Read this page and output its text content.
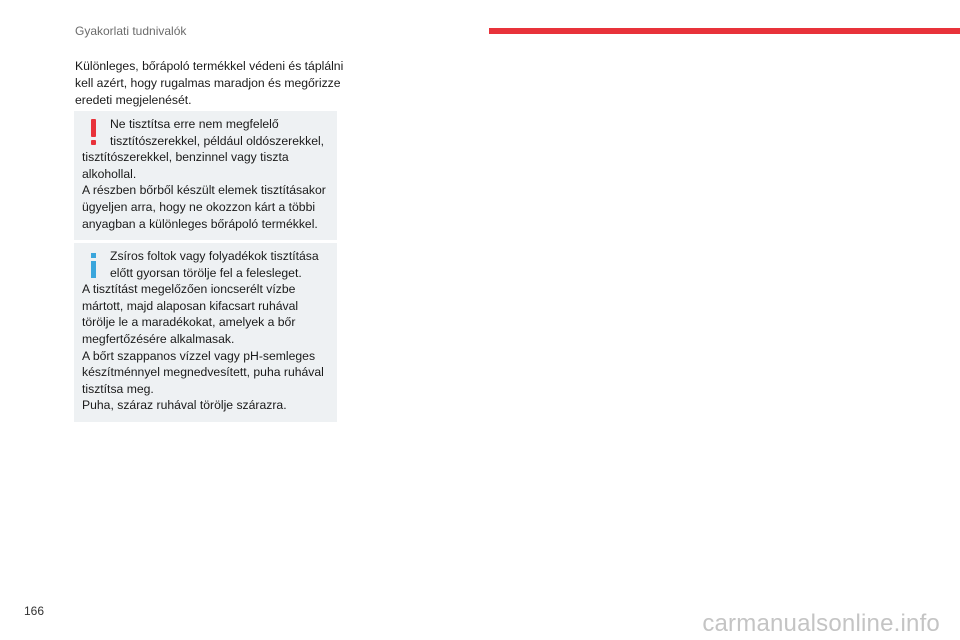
Gyakorlati tudnivalók
Különleges, bőrápoló termékkel védeni és táplálni kell azért, hogy rugalmas maradjon és megőrizze eredeti megjelenését.

Ne tisztítsa erre nem megfelelő tisztítószerekkel, például oldószerekkel, tisztítószerekkel, benzinnel vagy tiszta alkohollal.

A részben bőrből készült elemek tisztításakor ügyeljen arra, hogy ne okozzon kárt a többi anyagban a különleges bőrápoló termékkel.

Zsíros foltok vagy folyadékok tisztítása előtt gyorsan törölje fel a felesleget.

A tisztítást megelőzően ioncserélt vízbe mártott, majd alaposan kifacsart ruhával törölje le a maradékokat, amelyek a bőr megfertőzésére alkalmasak.

A bőrt szappanos vízzel vagy pH-semleges készítménnyel megnedvesített, puha ruhával tisztítsa meg.

Puha, száraz ruhával törölje szárazra.

166	carmanualsonline.info
